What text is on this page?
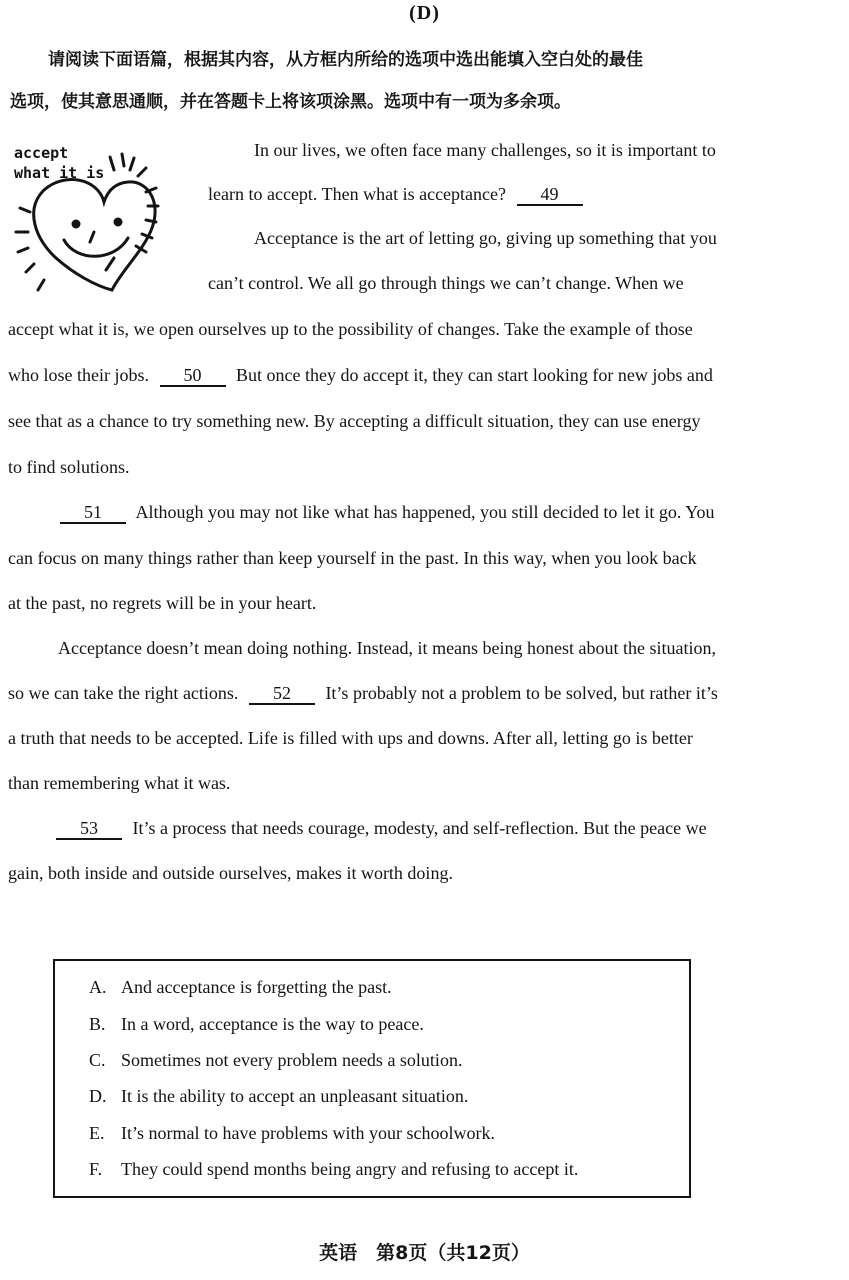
(D)
请阅读下面语篇，根据其内容，从方框内所给的选项中选出能填入空白处的最佳
选项，使其意思通顺，并在答题卡上将该项涂黑。选项中有一项为多余项。
accept
what it is
In our lives, we often face many challenges, so it is important to
learn to accept. Then what is acceptance? 49
Acceptance is the art of letting go, giving up something that you
can’t control. We all go through things we can’t change. When we
accept what it is, we open ourselves up to the possibility of changes. Take the example of those
who lose their jobs. 50 But once they do accept it, they can start looking for new jobs and
see that as a chance to try something new. By accepting a difficult situation, they can use energy
to find solutions.
51 Although you may not like what has happened, you still decided to let it go. You
can focus on many things rather than keep yourself in the past. In this way, when you look back
at the past, no regrets will be in your heart.
Acceptance doesn’t mean doing nothing. Instead, it means being honest about the situation,
so we can take the right actions. 52 It’s probably not a problem to be solved, but rather it’s
a truth that needs to be accepted. Life is filled with ups and downs. After all, letting go is better
than remembering what it was.
53 It’s a process that needs courage, modesty, and self-reflection. But the peace we
gain, both inside and outside ourselves, makes it worth doing.
A. And acceptance is forgetting the past.
B. In a word, acceptance is the way to peace.
C. Sometimes not every problem needs a solution.
D. It is the ability to accept an unpleasant situation.
E. It’s normal to have problems with your schoolwork.
F. They could spend months being angry and refusing to accept it.
英语　第8页（共12页）
